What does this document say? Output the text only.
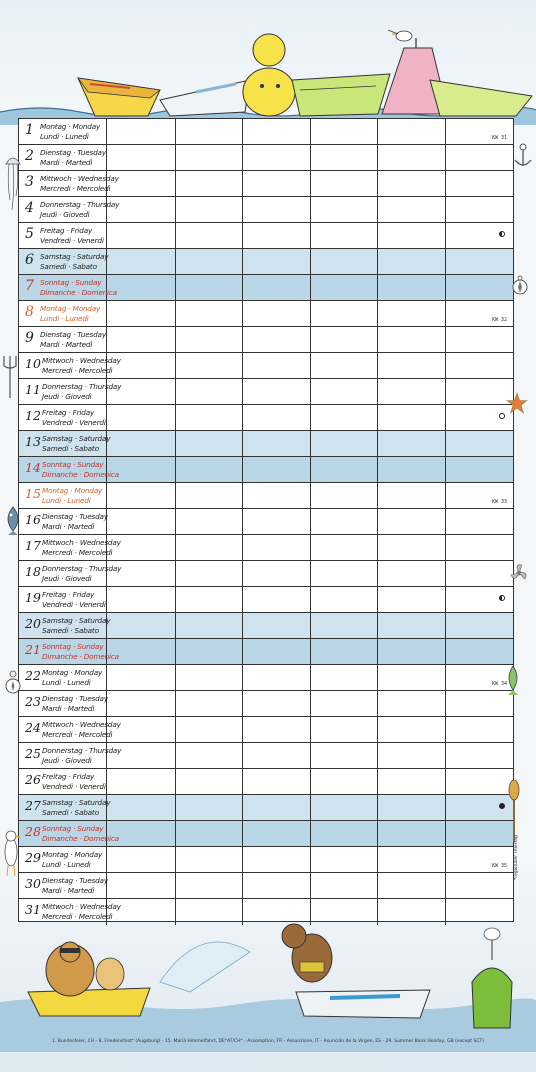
1 Montag · Monday
Lundi · Lunedì	KW 31
2 Dienstag · Tuesday
Mardi · Martedì
3 Mittwoch · Wednesday
Mercredi · Mercoledì
4 Donnerstag · Thursday
Jeudi · Giovedì
5 Freitag · Friday
Vendredi · Venerdì
6 Samstag · Saturday
Samedi · Sabato
7 Sonntag · Sunday
Dimanche · Domenica
8 Montag · Monday
Lundi · Lunedì	KW 32
9 Dienstag · Tuesday
Mardi · Martedì
10 Mittwoch · Wednesday
Mercredi · Mercoledì
11 Donnerstag · Thursday
Jeudi · Giovedì
12 Freitag · Friday
Vendredi · Venerdì
13 Samstag · Saturday
Samedi · Sabato
14 Sonntag · Sunday
Dimanche · Domenica
15 Montag · Monday
Lundi · Lunedì	KW 33
16 Dienstag · Tuesday
Mardi · Martedì
17 Mittwoch · Wednesday
Mercredi · Mercoledì
18 Donnerstag · Thursday
Jeudi · Giovedì
19 Freitag · Friday
Vendredi · Venerdì
20 Samstag · Saturday
Samedi · Sabato
21 Sonntag · Sunday
Dimanche · Domenica
22 Montag · Monday
Lundi · Lunedì	KW 34
23 Dienstag · Tuesday
Mardi · Martedì
24 Mittwoch · Wednesday
Mercredi · Mercoledì
25 Donnerstag · Thursday
Jeudi · Giovedì
26 Freitag · Friday
Vendredi · Venerdì
27 Samstag · Saturday
Samedi · Sabato
28 Sonntag · Sunday
Dimanche · Domenica
29 Montag · Monday
Lundi · Lunedì	KW 35
30 Dienstag · Tuesday
Mardi · Martedì
31 Mittwoch · Wednesday
Mercredi · Mercoledì
1. Bundesfeier, CH - 8. Friedensfest* (Augsburg) - 15. Mariä Himmelfahrt, DE*AT/CH* - Assomption, FR - Assunzione, IT - Asunción de la Virgen, ES - 29. Summer Bank Holiday, GB (except SCT)
*regionaler Feiertag
